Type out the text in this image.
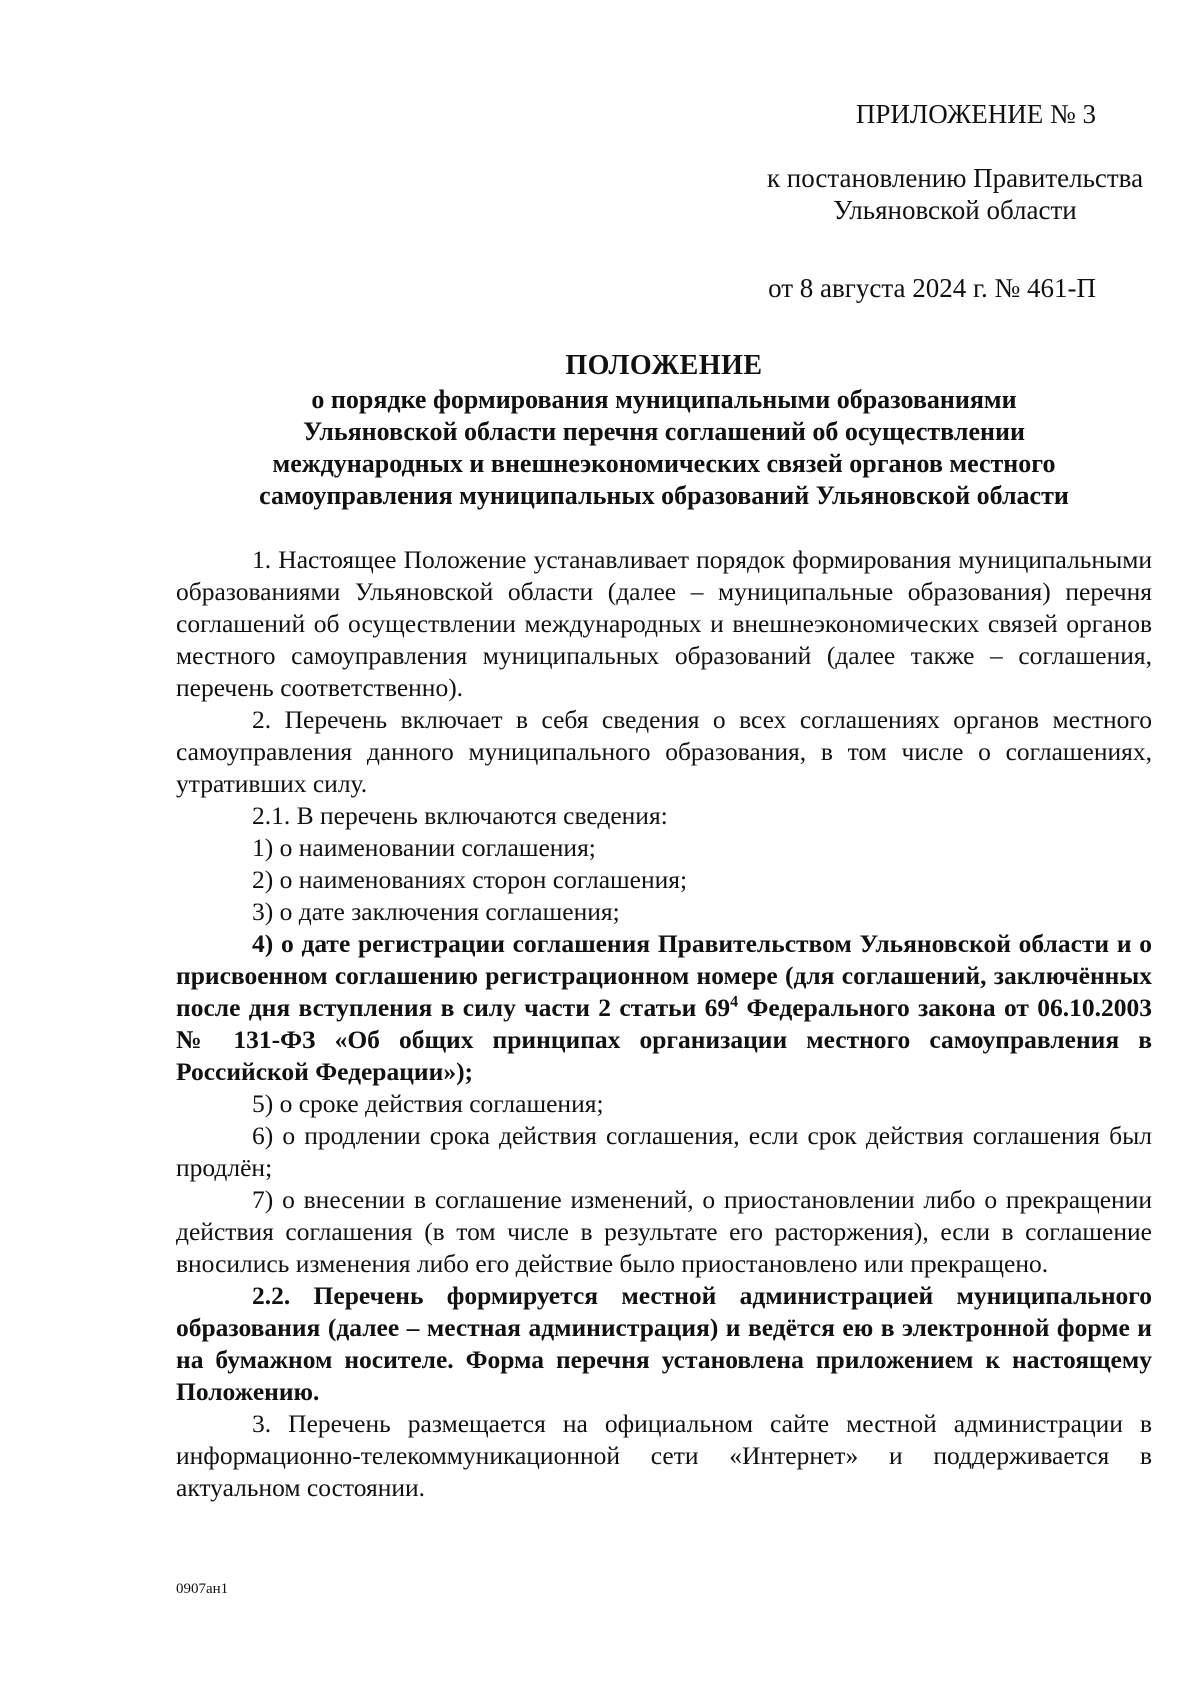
ПРИЛОЖЕНИЕ № 3
к постановлению Правительства
Ульяновской области
от 8 августа 2024 г. № 461-П
ПОЛОЖЕНИЕ
о порядке формирования муниципальными образованиями
Ульяновской области перечня соглашений об осуществлении
международных и внешнеэкономических связей органов местного
самоуправления муниципальных образований Ульяновской области

1. Настоящее Положение устанавливает порядок формирования муниципальными образованиями Ульяновской области (далее – муниципальные образования) перечня соглашений об осуществлении международных и внешнеэкономических связей органов местного самоуправления муниципальных образований (далее также – соглашения, перечень соответственно).

2. Перечень включает в себя сведения о всех соглашениях органов местного самоуправления данного муниципального образования, в том числе о соглашениях, утративших силу.

2.1. В перечень включаются сведения:

1) о наименовании соглашения;

2) о наименованиях сторон соглашения;

3) о дате заключения соглашения;

4) о дате регистрации соглашения Правительством Ульяновской области и о присвоенном соглашению регистрационном номере (для соглашений, заключённых после дня вступления в силу части 2 статьи $69^4$ Федерального закона от 06.10.2003 № 131-ФЗ «Об общих принципах организации местного самоуправления в Российской Федерации»);

5) о сроке действия соглашения;

6) о продлении срока действия соглашения, если срок действия соглашения был продлён;

7) о внесении в соглашение изменений, о приостановлении либо о прекращении действия соглашения (в том числе в результате его расторжения), если в соглашение вносились изменения либо его действие было приостановлено или прекращено.

2.2. Перечень формируется местной администрацией муниципального образования (далее – местная администрация) и ведётся ею в электронной форме и на бумажном носителе. Форма перечня установлена приложением к настоящему Положению.

3. Перечень размещается на официальном сайте местной администрации в информационно-телекоммуникационной сети «Интернет» и поддерживается в актуальном состоянии.

0907ан1
